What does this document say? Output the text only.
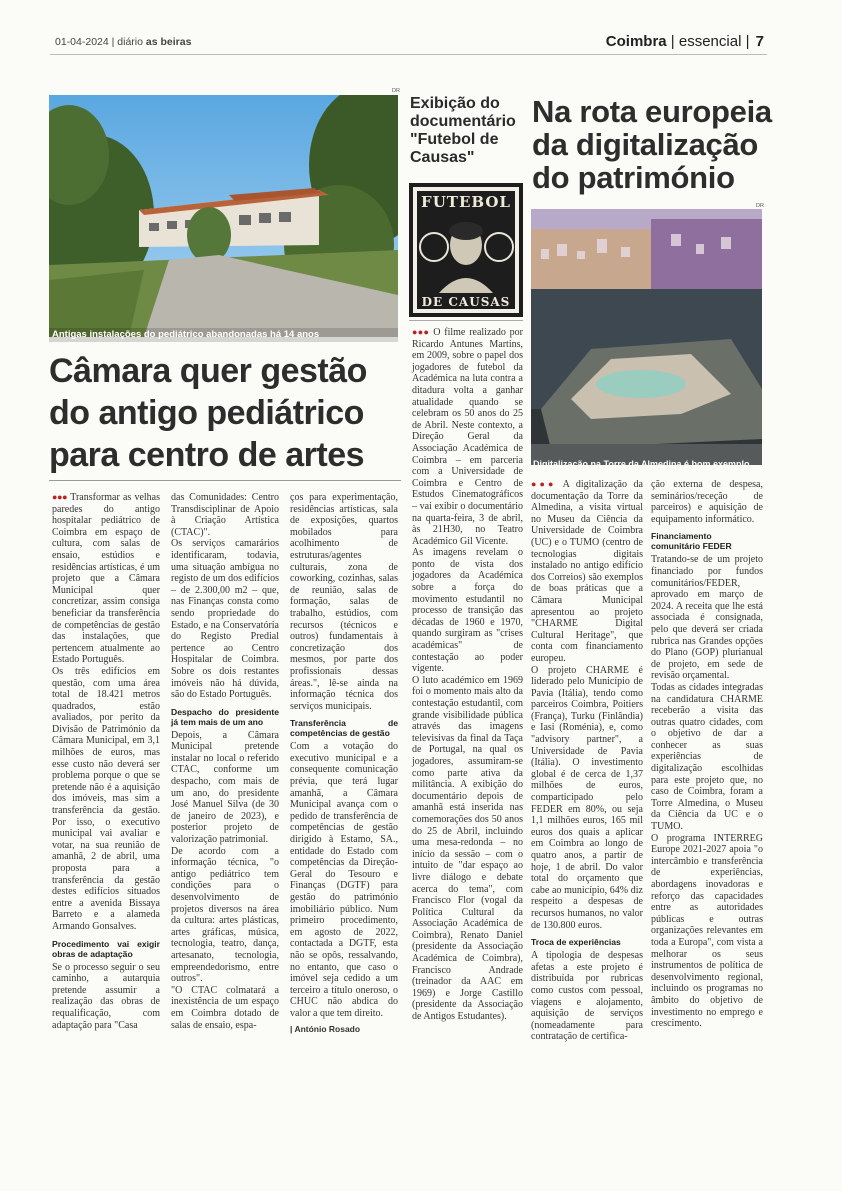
01-04-2024 | diário as beiras	Coimbra | essencial | 7
DR
Antigas instalações do pediátrico abandonadas há 14 anos
Câmara quer gestão do antigo pediátrico para centro de artes

●●● Transformar as velhas paredes do antigo hospitalar pediátrico de Coimbra em espaço de cultura, com salas de ensaio, estúdios e residências artísticas, é um projeto que a Câmara Municipal quer concretizar, assim consiga beneficiar da transferência de competências de gestão das instalações, que pertencem atualmente ao Estado Português.

Os três edifícios em questão, com uma área total de 18.421 metros quadrados, estão avaliados, por perito da Divisão de Património da Câmara Municipal, em 3,1 milhões de euros, mas esse custo não deverá ser problema porque o que se pretende não é a aquisição dos imóveis, mas sim a transferência da gestão. Por isso, o executivo municipal vai avaliar e votar, na sua reunião de amanhã, 2 de abril, uma proposta para a transferência da gestão destes edifícios situados entre a avenida Bissaya Barreto e a alameda Armando Gonsalves.

Procedimento vai exigir obras de adaptação

Se o processo seguir o seu caminho, a autarquia pretende assumir a realização das obras de requalificação, com adaptação para "Casa

das Comunidades: Centro Transdisciplinar de Apoio à Criação Artística (CTAC)".

Os serviços camarários identificaram, todavia, uma situação ambígua no registo de um dos edifícios – de 2.300,00 m2 – que, nas Finanças consta como sendo propriedade do Estado, e na Conservatória do Registo Predial pertence ao Centro Hospitalar de Coimbra. Sobre os dois restantes imóveis não há dúvida, são do Estado Português.

Despacho do presidente já tem mais de um ano

Depois, a Câmara Municipal pretende instalar no local o referido CTAC, conforme um despacho, com mais de um ano, do presidente José Manuel Silva (de 30 de janeiro de 2023), e posterior projeto de valorização patrimonial.

De acordo com a informação técnica, "o antigo pediátrico tem condições para o desenvolvimento de projetos diversos na área da cultura: artes plásticas, artes gráficas, música, tecnologia, teatro, dança, artesanato, tecnologia, empreendedorismo, entre outros".

"O CTAC colmatará a inexistência de um espaço em Coimbra dotado de salas de ensaio, espa-

ços para experimentação, residências artísticas, sala de exposições, quartos mobilados para acolhimento de estruturas/agentes culturais, zona de coworking, cozinhas, salas de reunião, salas de formação, salas de trabalho, estúdios, com recursos (técnicos e outros) fundamentais à concretização dos mesmos, por parte dos profissionais dessas áreas.", lê-se ainda na informação técnica dos serviços municipais.

Transferência de competências de gestão

Com a votação do executivo municipal e a consequente comunicação prévia, que terá lugar amanhã, a Câmara Municipal avança com o pedido de transferência de competências de gestão dirigido à Estamo, SA., entidade do Estado com competências da Direção-Geral do Tesouro e Finanças (DGTF) para gestão do património imobiliário público. Num primeiro procedimento, em agosto de 2022, contactada a DGTF, esta não se opôs, ressalvando, no entanto, que caso o imóvel seja cedido a um terceiro a título oneroso, o CHUC não abdica do valor a que tem direito.

| António Rosado

Exibição do documentário "Futebol de Causas"
FUTEBOL
DE CAUSAS

●●● O filme realizado por Ricardo Antunes Martins, em 2009, sobre o papel dos jogadores de futebol da Académica na luta contra a ditadura volta a ganhar atualidade quando se celebram os 50 anos do 25 de Abril. Neste contexto, a Direção Geral da Associação Académica de Coimbra – em parceria com a Universidade de Coimbra e Centro de Estudos Cinematográficos – vai exibir o documentário na quarta-feira, 3 de abril, às 21H30, no Teatro Académico Gil Vicente.

As imagens revelam o ponto de vista dos jogadores da Académica sobre a força do movimento estudantil no processo de transição das décadas de 1960 e 1970, quando surgiram as "crises académicas" de contestação ao poder vigente.

O luto académico em 1969 foi o momento mais alto da contestação estudantil, com grande visibilidade pública através das imagens televisivas da final da Taça de Portugal, na qual os jogadores, assumiram-se como parte ativa da militância. A exibição do documentário depois de amanhã está inserida nas comemorações dos 50 anos do 25 de Abril, incluindo uma mesa-redonda – no início da sessão – com o intuito de "dar espaço ao livre diálogo e debate acerca do tema", com Francisco Flor (vogal da Política Cultural da Associação Académica de Coimbra), Renato Daniel (presidente da Associação Académica de Coimbra), Francisco Andrade (treinador da AAC em 1969) e Jorge Castillo (presidente da Associação de Antigos Estudantes).

Na rota europeia da digitalização do património
DR
Digitalização na Torre da Almedina é bom exemplo

●●● A digitalização da documentação da Torre da Almedina, a visita virtual no Museu da Ciência da Universidade de Coimbra (UC) e o TUMO (centro de tecnologias digitais instalado no antigo edifício dos Correios) são exemplos de boas práticas que a Câmara Municipal apresentou ao projeto "CHARME Digital Cultural Heritage", que conta com financiamento europeu.

O projeto CHARME é liderado pelo Município de Pavia (Itália), tendo como parceiros Coimbra, Poitiers (França), Turku (Finlândia) e Iasi (Roménia), e, como "advisory partner", a Universidade de Pavia (Itália). O investimento global é de cerca de 1,37 milhões de euros, comparticipado pelo FEDER em 80%, ou seja 1,1 milhões euros, 165 mil euros dos quais a aplicar em Coimbra ao longo de quatro anos, a partir de hoje, 1 de abril. Do valor total do orçamento que cabe ao município, 64% diz respeito a despesas de recursos humanos, no valor de 130.800 euros.

Troca de experiências

A tipologia de despesas afetas a este projeto é distribuída por rubricas como custos com pessoal, viagens e alojamento, aquisição de serviços (nomeadamente para contratação de certifica-

ção externa de despesa, seminários/receção de parceiros) e aquisição de equipamento informático.

Financiamento comunitário FEDER

Tratando-se de um projeto financiado por fundos comunitários/FEDER, aprovado em março de 2024. A receita que lhe está associada é consignada, pelo que deverá ser criada rubrica nas Grandes opções do Plano (GOP) plurianual de projeto, em sede de revisão orçamental.

Todas as cidades integradas na candidatura CHARME receberão a visita das outras quatro cidades, com o objetivo de dar a conhecer as suas experiências de digitalização escolhidas para este projeto que, no caso de Coimbra, foram a Torre Almedina, o Museu da Ciência da UC e o TUMO.

O programa INTERREG Europe 2021-2027 apoia "o intercâmbio e transferência de experiências, abordagens inovadoras e reforço das capacidades entre as autoridades públicas e outras organizações relevantes em toda a Europa", com vista a melhorar os seus instrumentos de política de desenvolvimento regional, incluindo os programas no âmbito do objetivo de investimento no emprego e crescimento.
